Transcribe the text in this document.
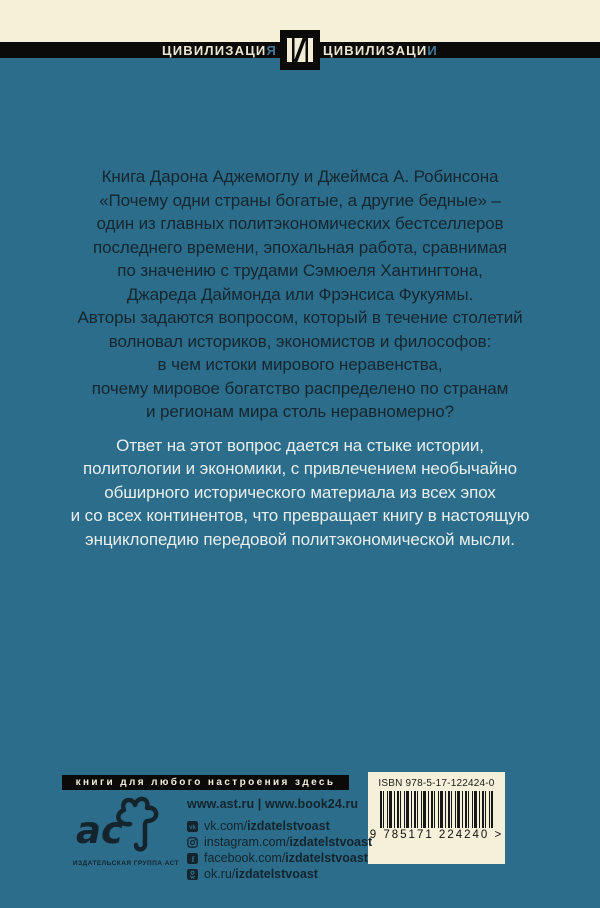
ЦИВИЛИЗАЦИ Я	ЦИВИЛИЗАЦИ И
Книга Дарона Аджемоглу и Джеймса А. Робинсона
«Почему одни страны богатые, а другие бедные» –
один из главных политэкономических бестселлеров
последнего времени, эпохальная работа, сравнимая
по значению с трудами Сэмюеля Хантингтона,
Джареда Даймонда или Фрэнсиса Фукуямы.
Авторы задаются вопросом, который в течение столетий
волновал историков, экономистов и философов:
в чем истоки мирового неравенства,
почему мировое богатство распределено по странам
и регионам мира столь неравномерно?
Ответ на этот вопрос дается на стыке истории,
политологии и экономики, с привлечением необычайно
обширного исторического материала из всех эпох
и со всех континентов, что превращает книгу в настоящую
энциклопедию передовой политэкономической мысли.
книги для любого настроения здесь	ISBN 978-5-17-122424-0
9 785171 224240 >
ас
ИЗДАТЕЛЬСКАЯ ГРУППА АСТ
www.ast.ru | www.book24.ru
vk vk.com/ izdatelstvoast
instagram.com/ izdatelstvoast
f facebook.com/ izdatelstvoast
ok.ru/ izdatelstvoast
